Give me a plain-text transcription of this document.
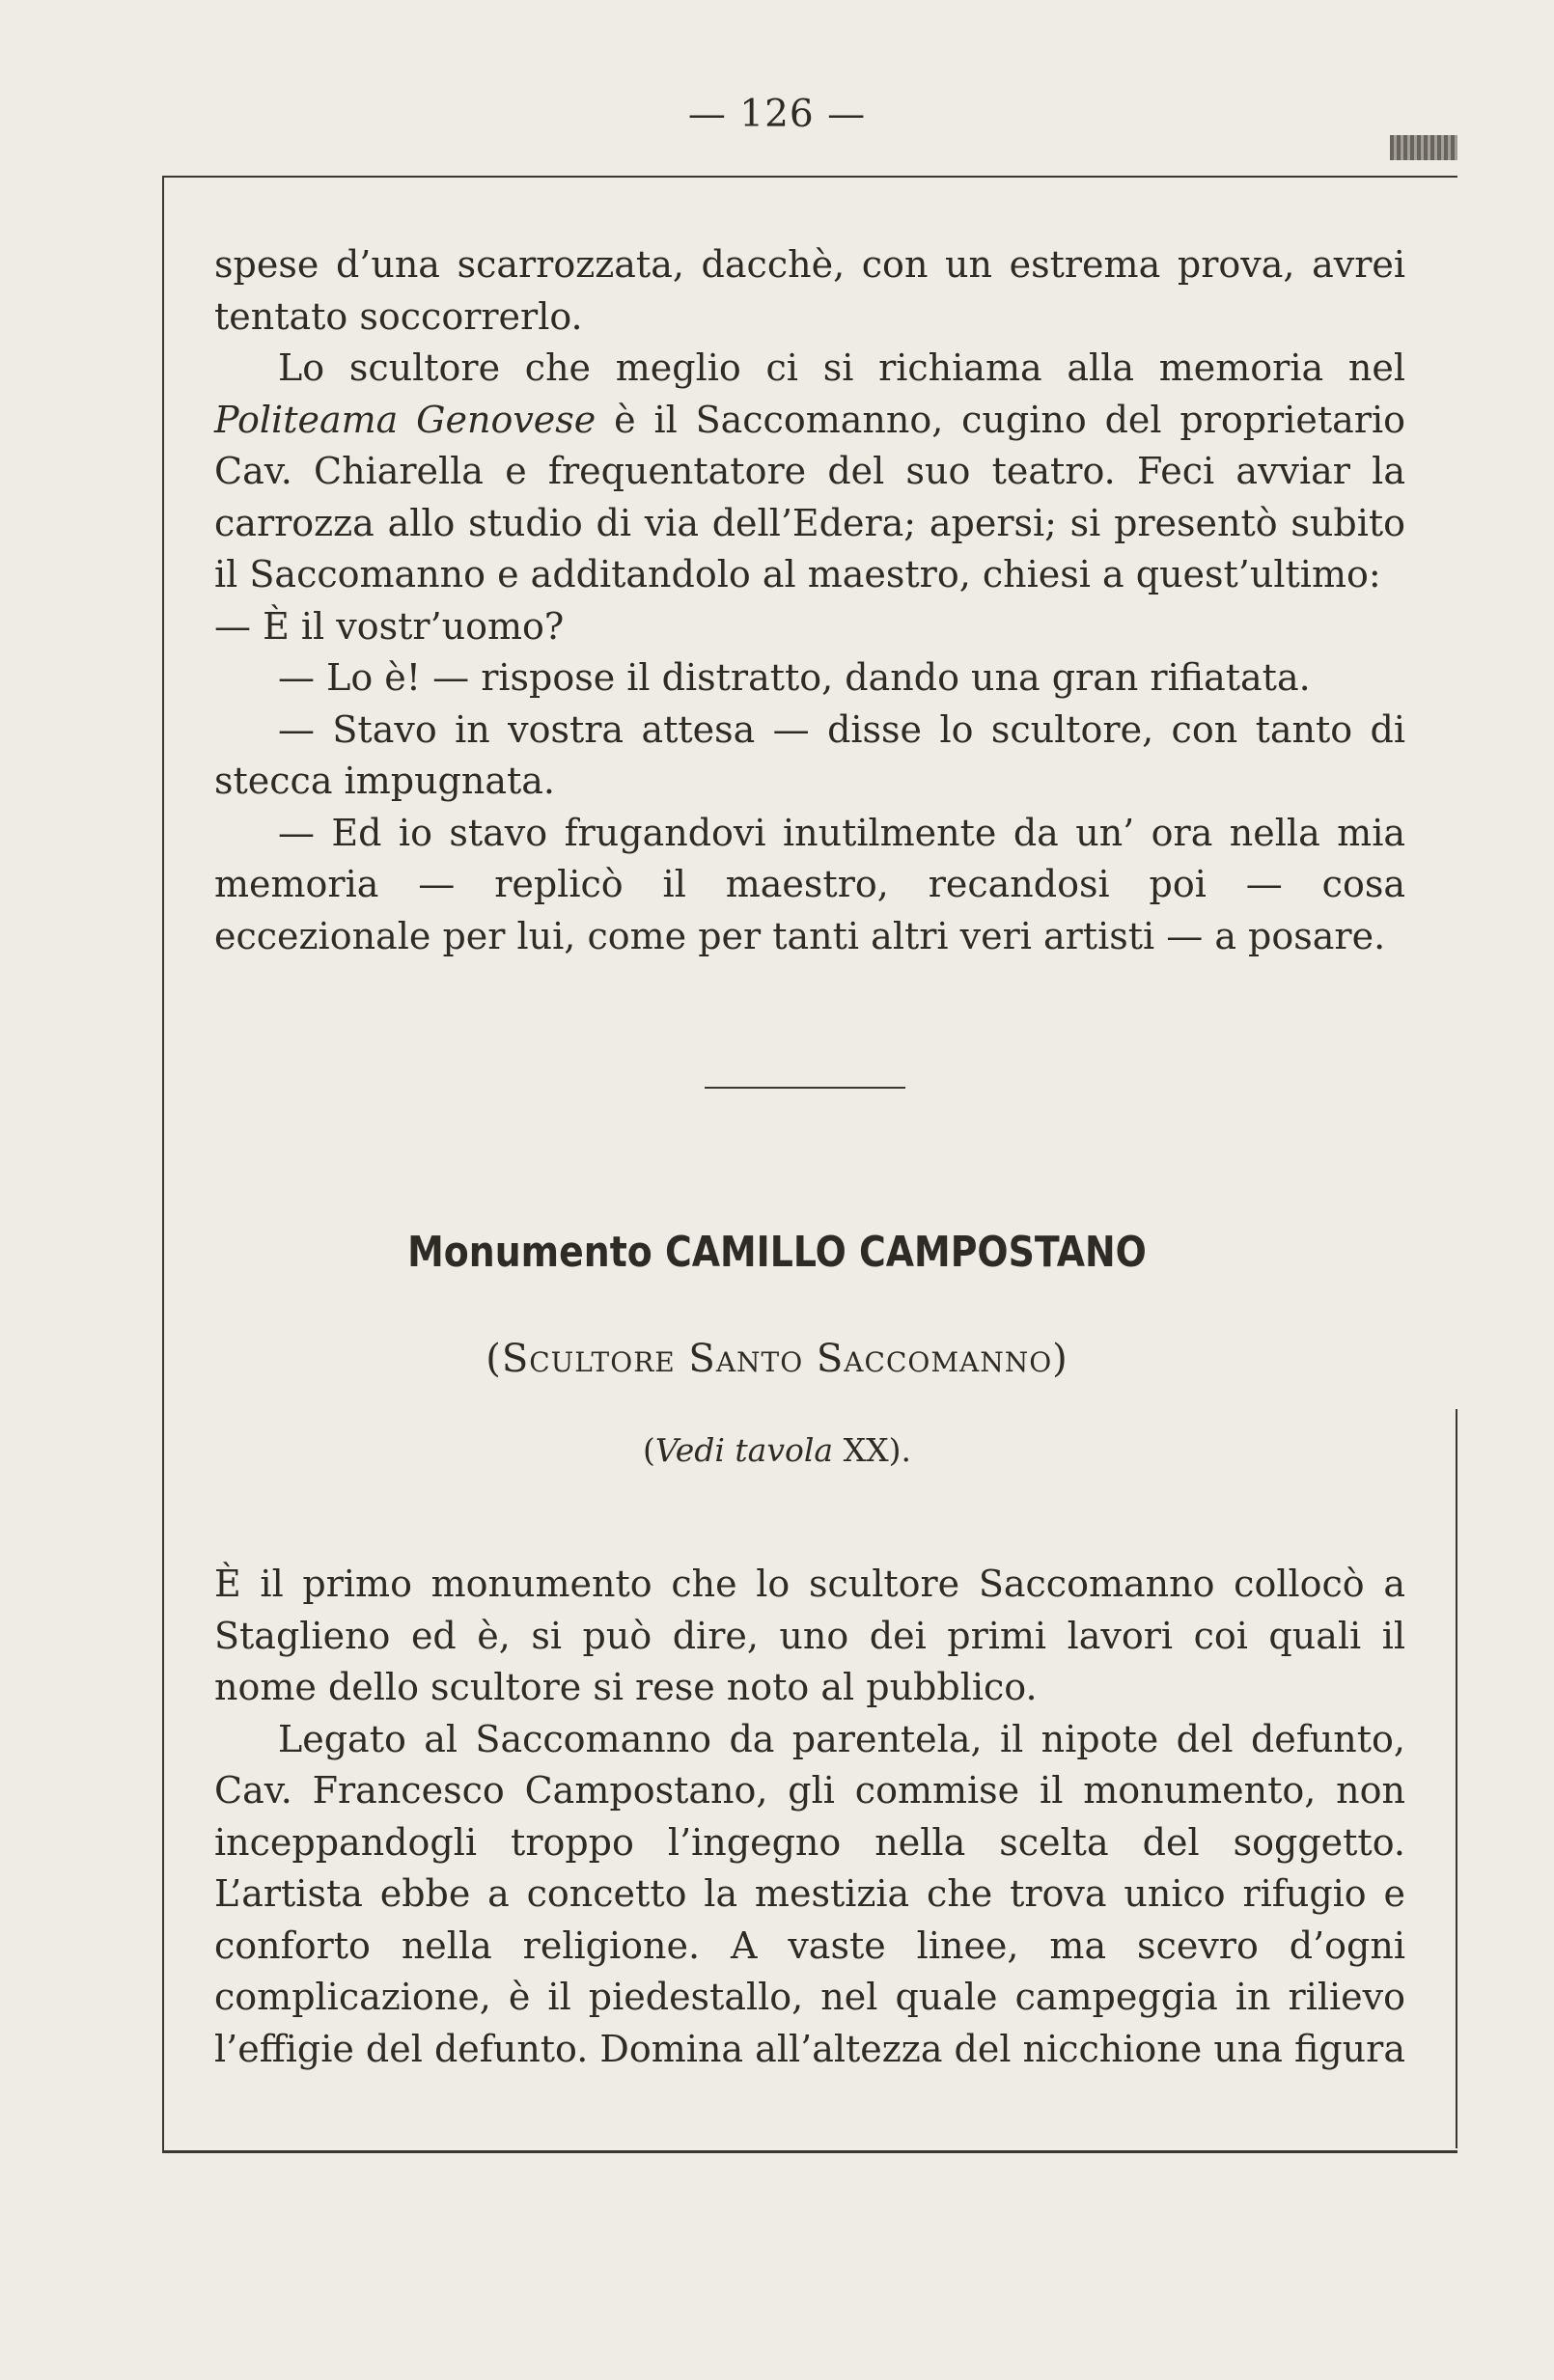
— 126 —

spese d’una scarrozzata, dacchè, con un estrema prova, avrei tentato soccorrerlo.

Lo scultore che meglio ci si richiama alla memoria nel Politeama Genovese è il Saccomanno, cugino del proprietario Cav. Chiarella e frequentatore del suo teatro. Feci avviar la carrozza allo studio di via dell’Edera; apersi; si presentò subito il Saccomanno e additandolo al maestro, chiesi a quest’ultimo:

— È il vostr’uomo?

— Lo è! — rispose il distratto, dando una gran rifiatata.

— Stavo in vostra attesa — disse lo scultore, con tanto di stecca impugnata.

— Ed io stavo frugandovi inutilmente da un’ ora nella mia memoria — replicò il maestro, recandosi poi — cosa eccezionale per lui, come per tanti altri veri artisti — a posare.

Monumento CAMILLO CAMPOSTANO
(Scultore Santo Saccomanno)
(Vedi tavola XX).

È il primo monumento che lo scultore Saccomanno collocò a Staglieno ed è, si può dire, uno dei primi lavori coi quali il nome dello scultore si rese noto al pubblico.

Legato al Saccomanno da parentela, il nipote del defunto, Cav. Francesco Campostano, gli commise il monumento, non inceppandogli troppo l’ingegno nella scelta del soggetto. L’artista ebbe a concetto la mestizia che trova unico rifugio e conforto nella religione. A vaste linee, ma scevro d’ogni complicazione, è il piedestallo, nel quale campeggia in rilievo l’effigie del defunto. Domina all’altezza del nicchione una figura
